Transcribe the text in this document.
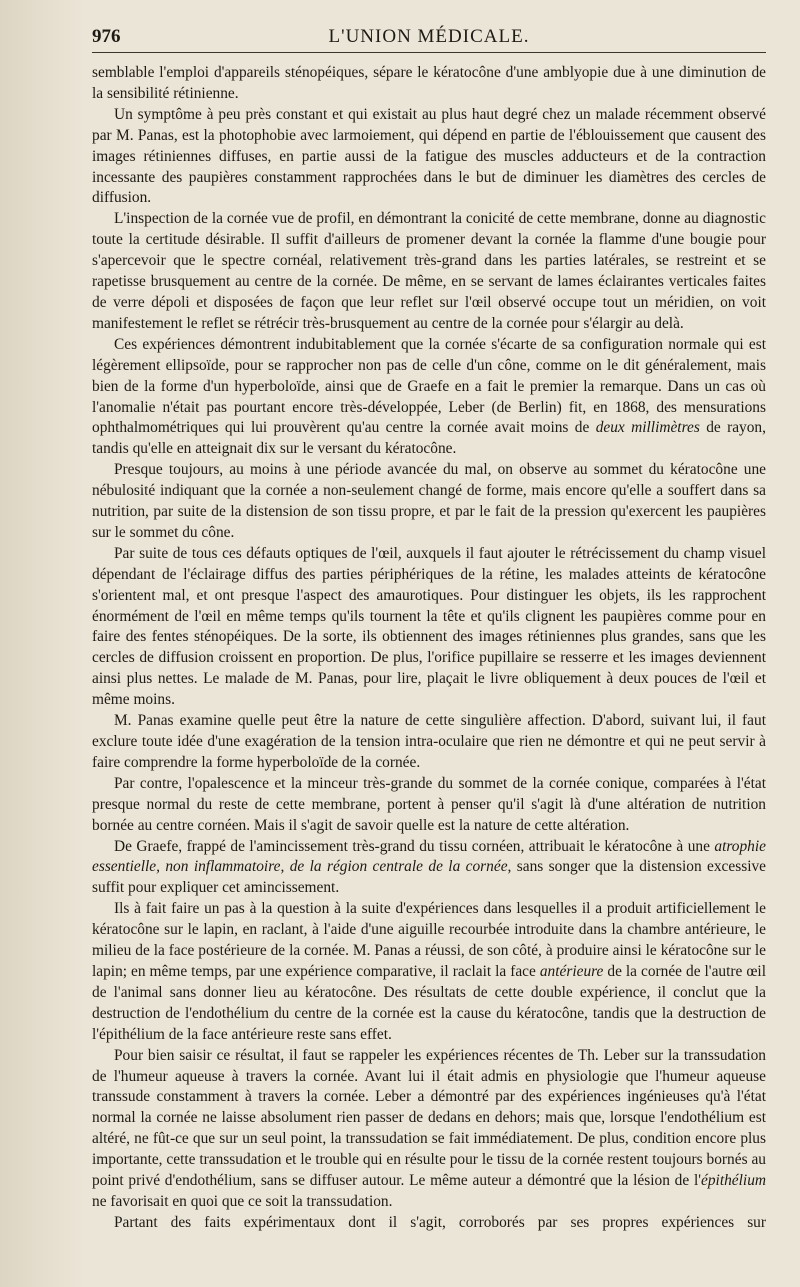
976	L'UNION MÉDICALE.

semblable l'emploi d'appareils sténopéiques, sépare le kératocône d'une amblyopie due à une diminution de la sensibilité rétinienne.

Un symptôme à peu près constant et qui existait au plus haut degré chez un malade récemment observé par M. Panas, est la photophobie avec larmoiement, qui dépend en partie de l'éblouissement que causent des images rétiniennes diffuses, en partie aussi de la fatigue des muscles adducteurs et de la contraction incessante des paupières constamment rapprochées dans le but de diminuer les diamètres des cercles de diffusion.

L'inspection de la cornée vue de profil, en démontrant la conicité de cette membrane, donne au diagnostic toute la certitude désirable. Il suffit d'ailleurs de promener devant la cornée la flamme d'une bougie pour s'apercevoir que le spectre cornéal, relativement très-grand dans les parties latérales, se restreint et se rapetisse brusquement au centre de la cornée. De même, en se servant de lames éclairantes verticales faites de verre dépoli et disposées de façon que leur reflet sur l'œil observé occupe tout un méridien, on voit manifestement le reflet se rétrécir très-brusquement au centre de la cornée pour s'élargir au delà.

Ces expériences démontrent indubitablement que la cornée s'écarte de sa configuration normale qui est légèrement ellipsoïde, pour se rapprocher non pas de celle d'un cône, comme on le dit généralement, mais bien de la forme d'un hyperboloïde, ainsi que de Graefe en a fait le premier la remarque. Dans un cas où l'anomalie n'était pas pourtant encore très-développée, Leber (de Berlin) fit, en 1868, des mensurations ophthalmométriques qui lui prouvèrent qu'au centre la cornée avait moins de deux millimètres de rayon, tandis qu'elle en atteignait dix sur le versant du kératocône.

Presque toujours, au moins à une période avancée du mal, on observe au sommet du kératocône une nébulosité indiquant que la cornée a non-seulement changé de forme, mais encore qu'elle a souffert dans sa nutrition, par suite de la distension de son tissu propre, et par le fait de la pression qu'exercent les paupières sur le sommet du cône.

Par suite de tous ces défauts optiques de l'œil, auxquels il faut ajouter le rétrécissement du champ visuel dépendant de l'éclairage diffus des parties périphériques de la rétine, les malades atteints de kératocône s'orientent mal, et ont presque l'aspect des amaurotiques. Pour distinguer les objets, ils les rapprochent énormément de l'œil en même temps qu'ils tournent la tête et qu'ils clignent les paupières comme pour en faire des fentes sténopéiques. De la sorte, ils obtiennent des images rétiniennes plus grandes, sans que les cercles de diffusion croissent en proportion. De plus, l'orifice pupillaire se resserre et les images deviennent ainsi plus nettes. Le malade de M. Panas, pour lire, plaçait le livre obliquement à deux pouces de l'œil et même moins.

M. Panas examine quelle peut être la nature de cette singulière affection. D'abord, suivant lui, il faut exclure toute idée d'une exagération de la tension intra-oculaire que rien ne démontre et qui ne peut servir à faire comprendre la forme hyperboloïde de la cornée.

Par contre, l'opalescence et la minceur très-grande du sommet de la cornée conique, comparées à l'état presque normal du reste de cette membrane, portent à penser qu'il s'agit là d'une altération de nutrition bornée au centre cornéen. Mais il s'agit de savoir quelle est la nature de cette altération.

De Graefe, frappé de l'amincissement très-grand du tissu cornéen, attribuait le kératocône à une atrophie essentielle, non inflammatoire, de la région centrale de la cornée, sans songer que la distension excessive suffit pour expliquer cet amincissement.

Ils à fait faire un pas à la question à la suite d'expériences dans lesquelles il a produit artificiellement le kératocône sur le lapin, en raclant, à l'aide d'une aiguille recourbée introduite dans la chambre antérieure, le milieu de la face postérieure de la cornée. M. Panas a réussi, de son côté, à produire ainsi le kératocône sur le lapin; en même temps, par une expérience comparative, il raclait la face antérieure de la cornée de l'autre œil de l'animal sans donner lieu au kératocône. Des résultats de cette double expérience, il conclut que la destruction de l'endothélium du centre de la cornée est la cause du kératocône, tandis que la destruction de l'épithélium de la face antérieure reste sans effet.

Pour bien saisir ce résultat, il faut se rappeler les expériences récentes de Th. Leber sur la transsudation de l'humeur aqueuse à travers la cornée. Avant lui il était admis en physiologie que l'humeur aqueuse transsude constamment à travers la cornée. Leber a démontré par des expériences ingénieuses qu'à l'état normal la cornée ne laisse absolument rien passer de dedans en dehors; mais que, lorsque l'endothélium est altéré, ne fût-ce que sur un seul point, la transsudation se fait immédiatement. De plus, condition encore plus importante, cette transsudation et le trouble qui en résulte pour le tissu de la cornée restent toujours bornés au point privé d'endothélium, sans se diffuser autour. Le même auteur a démontré que la lésion de l'épithélium ne favorisait en quoi que ce soit la transsudation.

Partant des faits expérimentaux dont il s'agit, corroborés par ses propres expériences sur
